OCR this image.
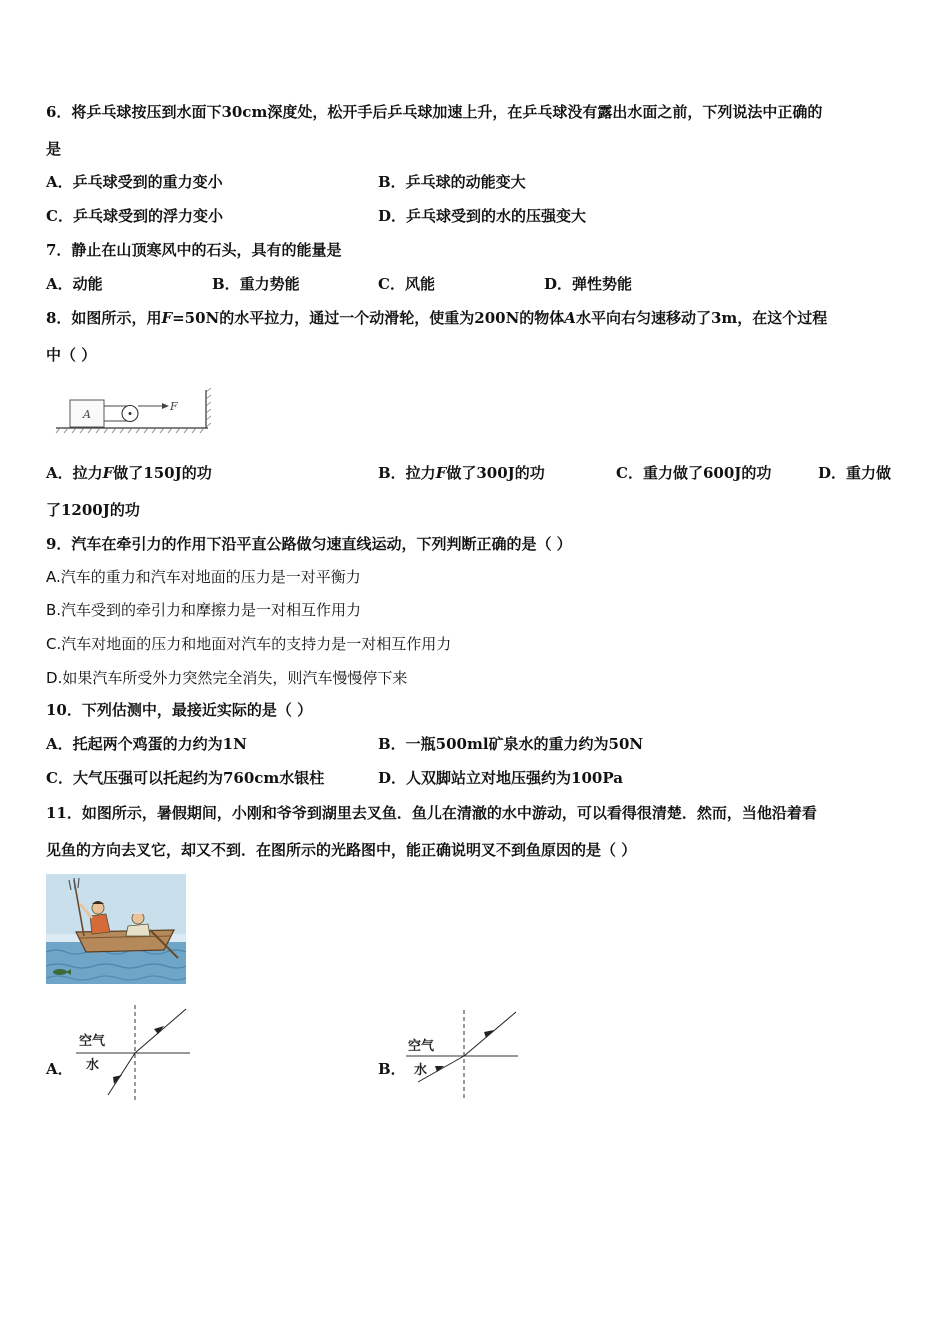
6．将乒乓球按压到水面下30cm深度处，松开手后乒乓球加速上升，在乒乓球没有露出水面之前，下列说法中正确的
是
A．乒乓球受到的重力变小	B．乒乓球的动能变大
C．乒乓球受到的浮力变小	D．乒乓球受到的水的压强变大
7．静止在山顶寒风中的石头，具有的能量是
A．动能	B．重力势能	C．风能	D．弹性势能
8．如图所示，用F=50N的水平拉力，通过一个动滑轮，使重为200N的物体A水平向右匀速移动了3m，在这个过程
中（ ）
A
F
A．拉力F做了150J的功	B．拉力F做了300J的功	C．重力做了600J的功	D．重力做
了1200J的功
9．汽车在牵引力的作用下沿平直公路做匀速直线运动，下列判断正确的是（ ）
A.汽车的重力和汽车对地面的压力是一对平衡力
B.汽车受到的牵引力和摩擦力是一对相互作用力
C.汽车对地面的压力和地面对汽车的支持力是一对相互作用力
D.如果汽车所受外力突然完全消失，则汽车慢慢停下来
10．下列估测中，最接近实际的是（ ）
A．托起两个鸡蛋的力约为1N	B．一瓶500ml矿泉水的重力约为50N
C．大气压强可以托起约为760cm水银柱	D．人双脚站立对地压强约为100Pa
11．如图所示，暑假期间，小刚和爷爷到湖里去叉鱼．鱼儿在清澈的水中游动，可以看得很清楚．然而，当他沿着看
见鱼的方向去叉它，却又不到．在图所示的光路图中，能正确说明叉不到鱼原因的是（ ）
A．
空气
水	B．
空气
水
